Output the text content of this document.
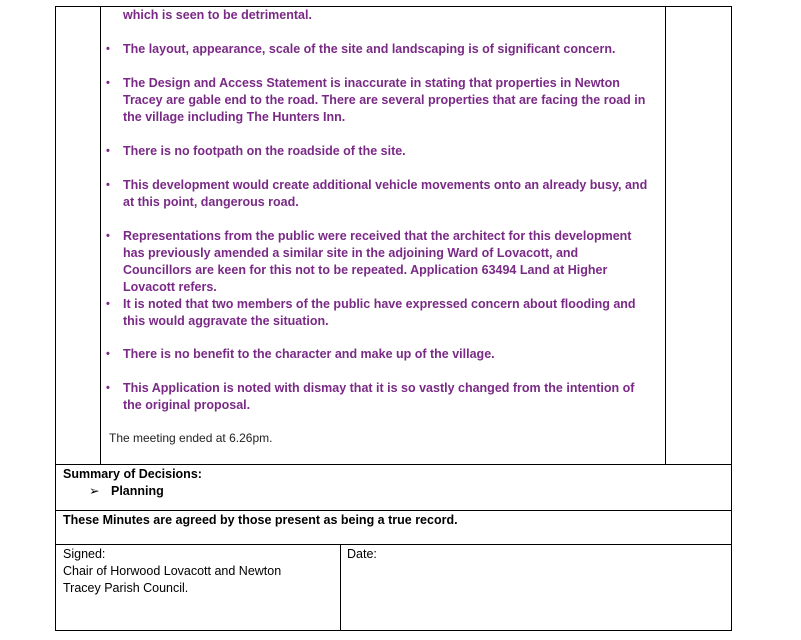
which is seen to be detrimental.
• The layout, appearance, scale of the site and landscaping is of significant concern.
• The Design and Access Statement is inaccurate in stating that properties in Newton Tracey are gable end to the road. There are several properties that are facing the road in the village including The Hunters Inn.
• There is no footpath on the roadside of the site.
• This development would create additional vehicle movements onto an already busy, and at this point, dangerous road.
• Representations from the public were received that the architect for this development has previously amended a similar site in the adjoining Ward of Lovacott, and Councillors are keen for this not to be repeated. Application 63494 Land at Higher Lovacott refers.
• It is noted that two members of the public have expressed concern about flooding and this would aggravate the situation.
• There is no benefit to the character and make up of the village.
• This Application is noted with dismay that it is so vastly changed from the intention of the original proposal.
The meeting ended at 6.26pm.
Summary of Decisions:
➢ Planning
These Minutes are agreed by those present as being a true record.
Signed:
Chair of Horwood Lovacott and Newton
Tracey Parish Council.
Date:
